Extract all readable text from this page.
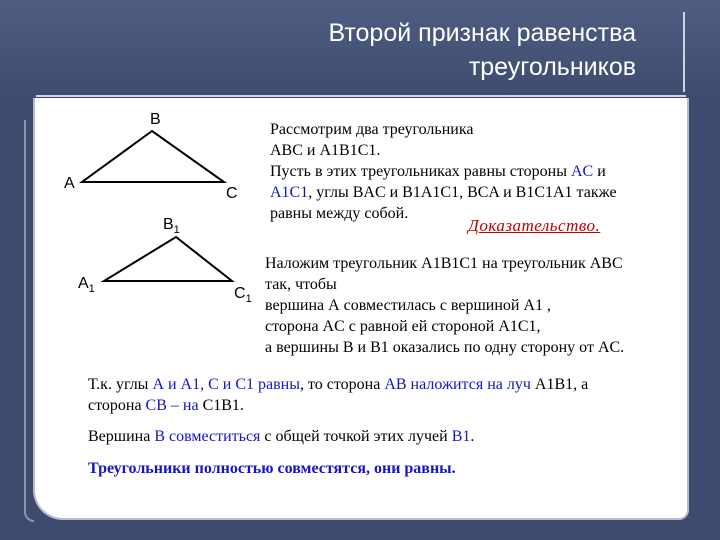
Второй признак равенства
треугольников
B
A
C
$B_1$
$A_1$	$C_1$

Рассмотрим два треугольника

ABC и A1B1C1.

Пусть в этих треугольниках равны стороны AC и

A1C1, углы BAC и B1A1C1, BCA и B1C1A1 также

равны между собой.

Доказательство.

Наложим треугольник A1B1C1 на треугольник ABC

так, чтобы

вершина А совместилась с вершиной A1 ,

сторона AC с равной ей стороной A1C1,

а вершины B и B1 оказались по одну сторону от AC.

Т.к. углы А и А1, С и С1 равны, то сторона АВ наложится на луч А1В1, а

сторона СВ – на С1В1.

Вершина В совместиться с общей точкой этих лучей В1.

Треугольники полностью совместятся, они равны.
